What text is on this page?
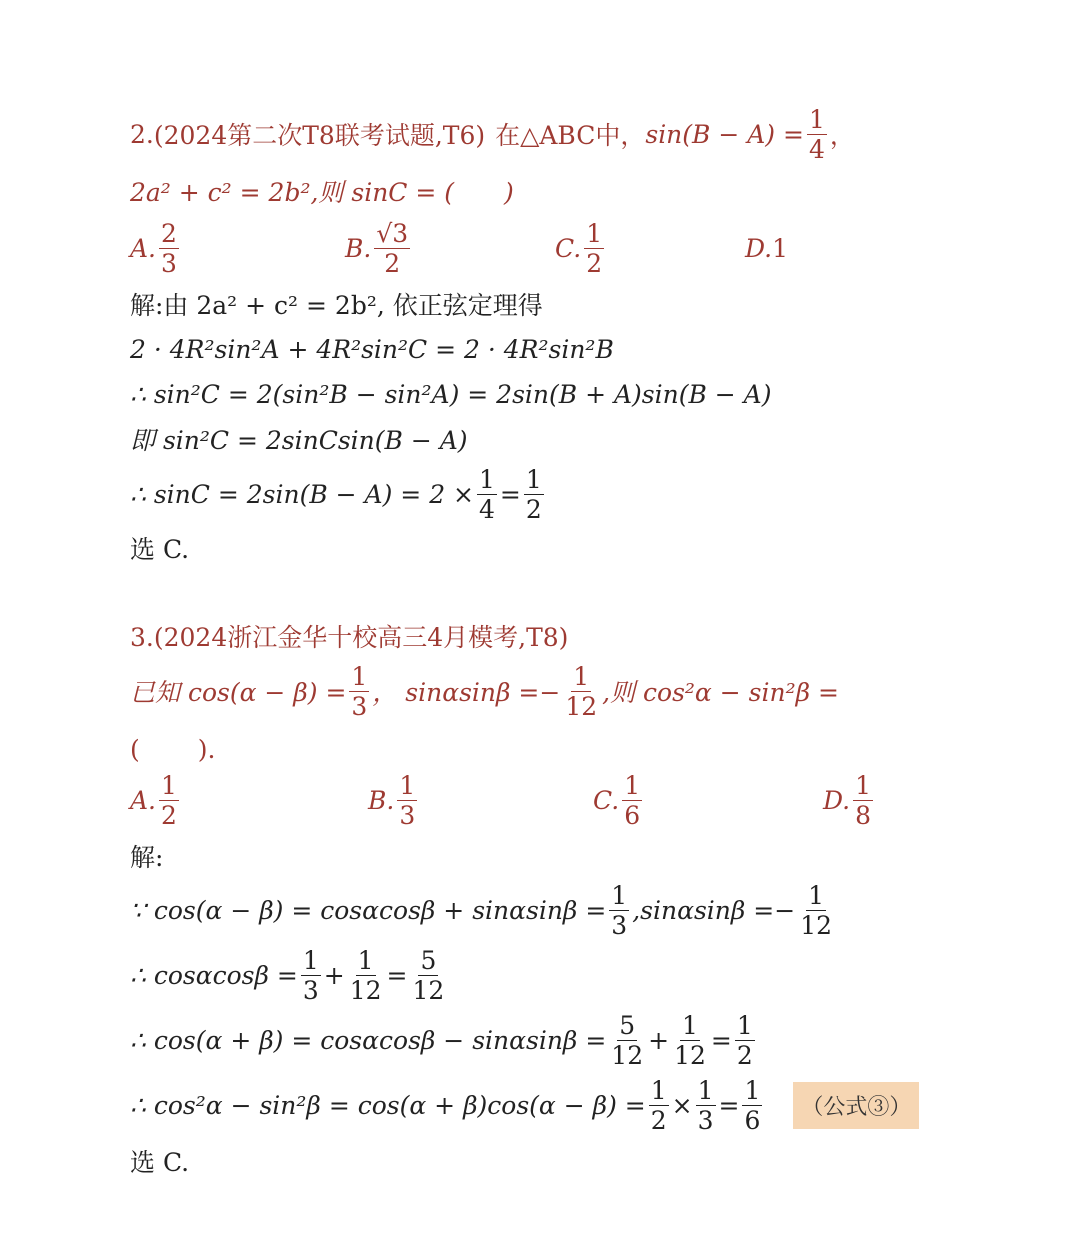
2. (2024第二次T8联考试题,T6) 在△ABC中， $\sin(B - A) = \frac{1}{4}$ ，
2a² + c² = 2b²,则 sinC = (　　)
A. $\frac{2}{3}$	B. $\frac{√3}{2}$	C. $\frac{1}{2}$	D. 1
解:由 2a² + c² = 2b², 依正弦定理得
2 · 4R²sin²A + 4R²sin²C = 2 · 4R²sin²B
∴ sin²C = 2(sin²B − sin²A) = 2sin(B + A)sin(B − A)
即 sin²C = 2sinCsin(B − A)
∴ $\sin C = 2\sin(B - A) = 2 \times \frac{1}{4} = \frac{1}{2}$
选 C.
3.(2024浙江金华十校高三4月模考,T8)
已知 $\cos(\alpha - \beta) = \frac{1}{3}$ ， $\sin\alpha\sin\beta =- \frac{1}{12}$ ,则 cos²α − sin²β =
(　　 ).
A. $\frac{1}{2}$	B. $\frac{1}{3}$	C. $\frac{1}{6}$	D. $\frac{1}{8}$
解:
∵ $\cos(\alpha - \beta) = \cos\alpha\cos\beta + \sin\alpha\sin\beta = \frac{1}{3} ,\sin\alpha\sin\beta =- \frac{1}{12}$
∴ $\cos\alpha\cos\beta = \frac{1}{3} + \frac{1}{12} = \frac{5}{12}$
∴ $\cos(\alpha + \beta) = \cos\alpha\cos\beta - \sin\alpha\sin\beta = \frac{5}{12} + \frac{1}{12} = \frac{1}{2}$
∴ $\cos^2\alpha - \sin^2\beta = \cos(\alpha + \beta)\cos(\alpha - \beta) = \frac{1}{2} \times \frac{1}{3} = \frac{1}{6}$	（公式③）
选 C.
